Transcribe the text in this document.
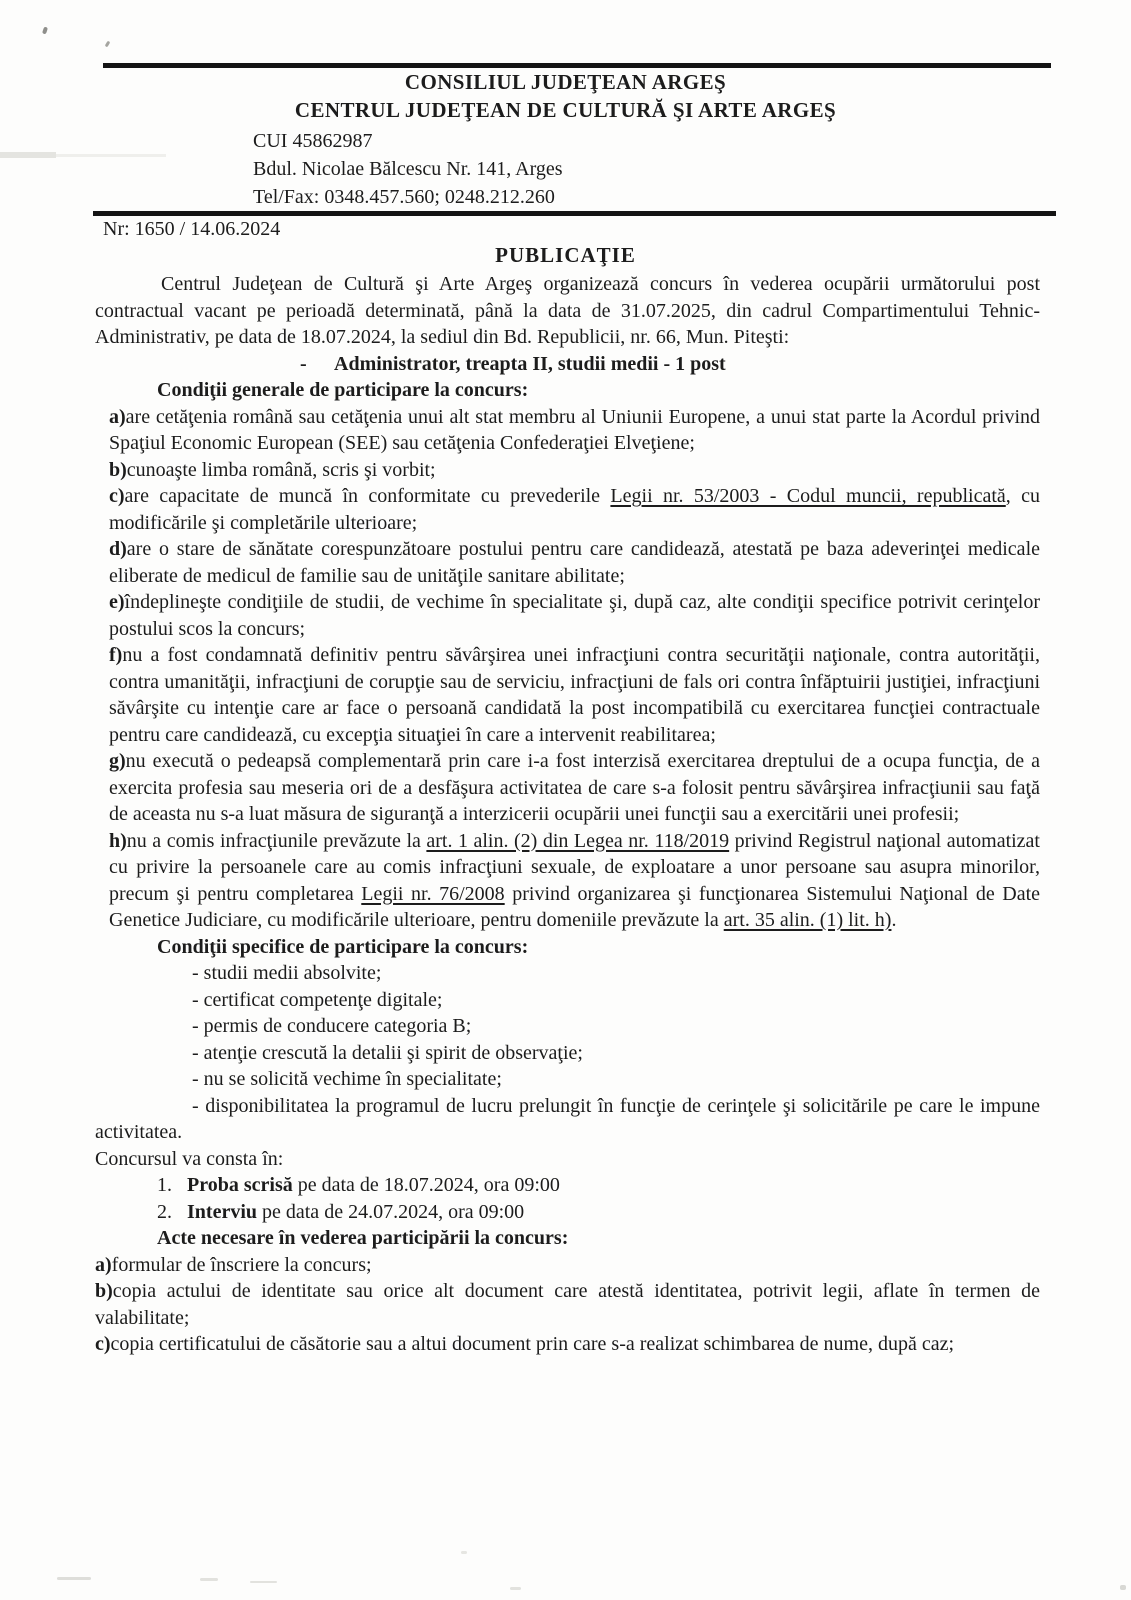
CONSILIUL JUDEŢEAN ARGEŞ
CENTRUL JUDEŢEAN DE CULTURĂ ŞI ARTE ARGEŞ
CUI 45862987
Bdul. Nicolae Bălcescu Nr. 141, Arges
Tel/Fax: 0348.457.560; 0248.212.260
Nr: 1650 / 14.06.2024
PUBLICAŢIE

Centrul Judeţean de Cultură şi Arte Argeş organizează concurs în vederea ocupării următorului post contractual vacant pe perioadă determinată, până la data de 31.07.2025, din cadrul Compartimentului Tehnic-Administrativ, pe data de 18.07.2024, la sediul din Bd. Republicii, nr. 66, Mun. Piteşti:

- Administrator, treapta II, studii medii - 1 post

Condiţii generale de participare la concurs:

a)are cetăţenia română sau cetăţenia unui alt stat membru al Uniunii Europene, a unui stat parte la Acordul privind Spaţiul Economic European (SEE) sau cetăţenia Confederaţiei Elveţiene;

b)cunoaşte limba română, scris şi vorbit;

c)are capacitate de muncă în conformitate cu prevederile Legii nr. 53/2003 - Codul muncii, republicată, cu modificările şi completările ulterioare;

d)are o stare de sănătate corespunzătoare postului pentru care candidează, atestată pe baza adeverinţei medicale eliberate de medicul de familie sau de unităţile sanitare abilitate;

e)îndeplineşte condiţiile de studii, de vechime în specialitate şi, după caz, alte condiţii specifice potrivit cerinţelor postului scos la concurs;

f)nu a fost condamnată definitiv pentru săvârşirea unei infracţiuni contra securităţii naţionale, contra autorităţii, contra umanităţii, infracţiuni de corupţie sau de serviciu, infracţiuni de fals ori contra înfăptuirii justiţiei, infracţiuni săvârşite cu intenţie care ar face o persoană candidată la post incompatibilă cu exercitarea funcţiei contractuale pentru care candidează, cu excepţia situaţiei în care a intervenit reabilitarea;

g)nu execută o pedeapsă complementară prin care i-a fost interzisă exercitarea dreptului de a ocupa funcţia, de a exercita profesia sau meseria ori de a desfăşura activitatea de care s-a folosit pentru săvârşirea infracţiunii sau faţă de aceasta nu s-a luat măsura de siguranţă a interzicerii ocupării unei funcţii sau a exercitării unei profesii;

h)nu a comis infracţiunile prevăzute la art. 1 alin. (2) din Legea nr. 118/2019 privind Registrul naţional automatizat cu privire la persoanele care au comis infracţiuni sexuale, de exploatare a unor persoane sau asupra minorilor, precum şi pentru completarea Legii nr. 76/2008 privind organizarea şi funcţionarea Sistemului Naţional de Date Genetice Judiciare, cu modificările ulterioare, pentru domeniile prevăzute la art. 35 alin. (1) lit. h).

Condiţii specifice de participare la concurs:

- studii medii absolvite;

- certificat competenţe digitale;

- permis de conducere categoria B;

- atenţie crescută la detalii şi spirit de observaţie;

- nu se solicită vechime în specialitate;

- disponibilitatea la programul de lucru prelungit în funcţie de cerinţele şi solicitările pe care le impune activitatea.

Concursul va consta în:

1.   Proba scrisă pe data de 18.07.2024, ora 09:00

2.   Interviu pe data de 24.07.2024, ora 09:00

Acte necesare în vederea participării la concurs:

a)formular de înscriere la concurs;

b)copia actului de identitate sau orice alt document care atestă identitatea, potrivit legii, aflate în termen de valabilitate;

c)copia certificatului de căsătorie sau a altui document prin care s-a realizat schimbarea de nume, după caz;
